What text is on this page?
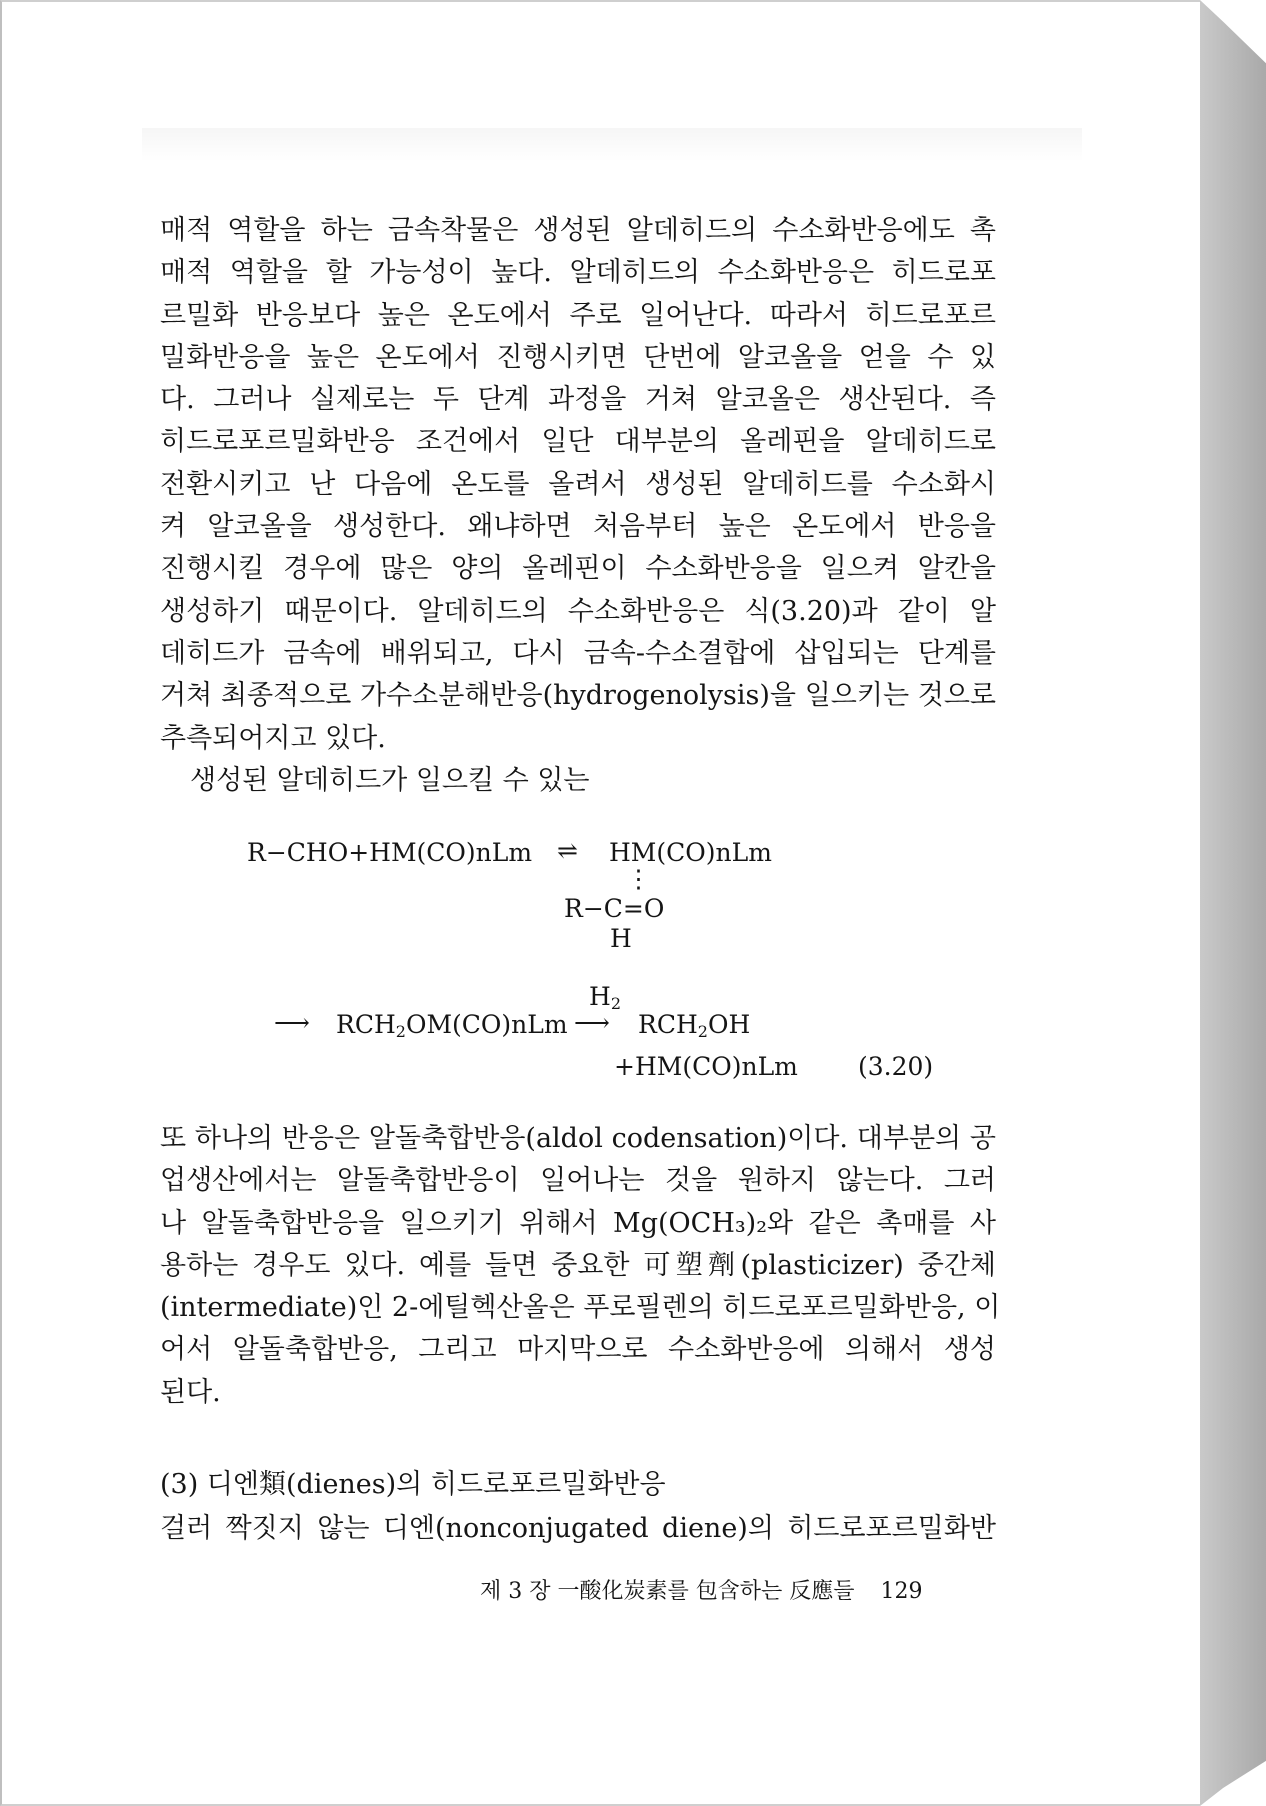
매적 역할을 하는 금속착물은 생성된 알데히드의 수소화반응에도 촉
매적 역할을 할 가능성이 높다. 알데히드의 수소화반응은 히드로포
르밀화 반응보다 높은 온도에서 주로 일어난다. 따라서 히드로포르
밀화반응을 높은 온도에서 진행시키면 단번에 알코올을 얻을 수 있
다. 그러나 실제로는 두 단계 과정을 거쳐 알코올은 생산된다. 즉
히드로포르밀화반응 조건에서 일단 대부분의 올레핀을 알데히드로
전환시키고 난 다음에 온도를 올려서 생성된 알데히드를 수소화시
켜 알코올을 생성한다. 왜냐하면 처음부터 높은 온도에서 반응을
진행시킬 경우에 많은 양의 올레핀이 수소화반응을 일으켜 알칸을
생성하기 때문이다. 알데히드의 수소화반응은 식(3.20)과 같이 알
데히드가 금속에 배위되고, 다시 금속-수소결합에 삽입되는 단계를
거쳐 최종적으로 가수소분해반응(hydrogenolysis)을 일으키는 것으로
추측되어지고 있다.
생성된 알데히드가 일으킬 수 있는
R−CHO+HM(CO)nLm ⇌ HM(CO)nLm
⋮
R−C=O
H
$H_2$
⟶ $RCH_2OM(CO)nLm$ ⟶ $RCH_2OH$
+HM(CO)nLm (3.20)
또 하나의 반응은 알돌축합반응(aldol codensation)이다. 대부분의 공
업생산에서는 알돌축합반응이 일어나는 것을 원하지 않는다. 그러
나 알돌축합반응을 일으키기 위해서 Mg(OCH₃)₂와 같은 촉매를 사
용하는 경우도 있다. 예를 들면 중요한 可塑劑(plasticizer) 중간체
(intermediate)인 2-에틸헥산올은 푸로필렌의 히드로포르밀화반응, 이
어서 알돌축합반응, 그리고 마지막으로 수소화반응에 의해서 생성
된다.
(3) 디엔類(dienes)의 히드로포르밀화반응
걸러 짝짓지 않는 디엔(nonconjugated diene)의 히드로포르밀화반
제 3 장 一酸化炭素를 包含하는 反應들 129
